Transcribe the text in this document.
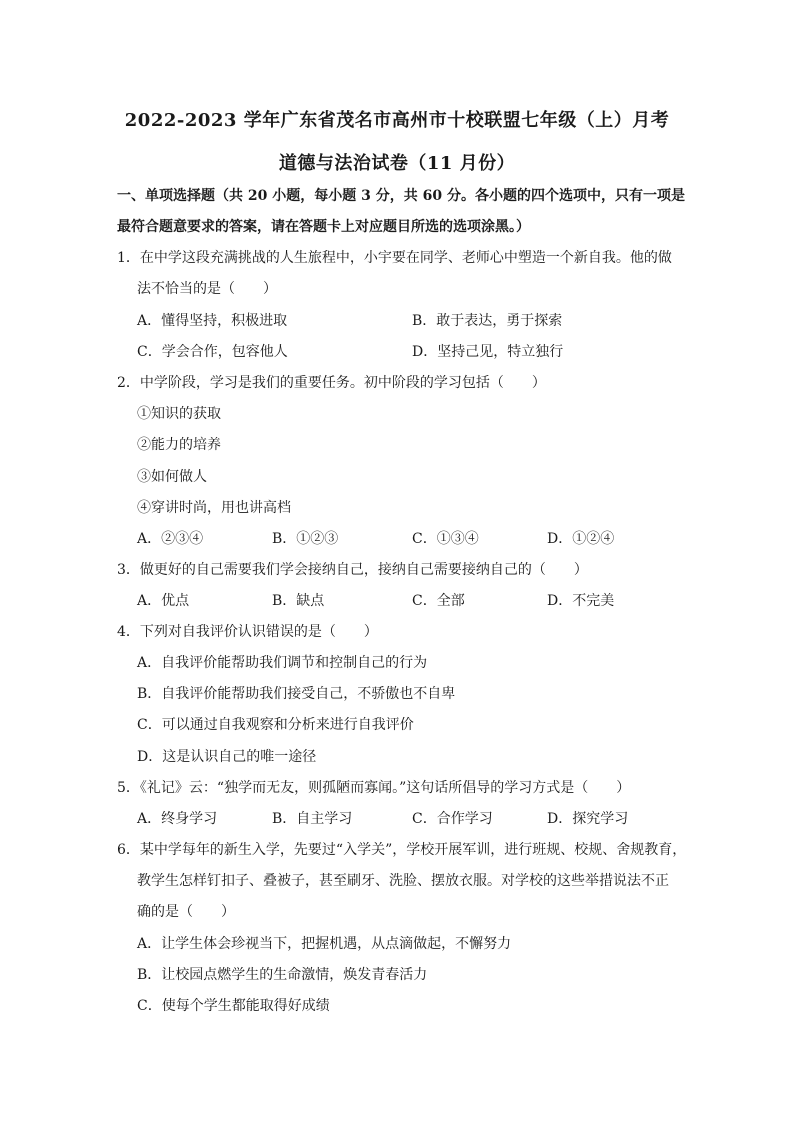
2022-2023 学年广东省茂名市高州市十校联盟七年级（上）月考
道德与法治试卷（11 月份）
一、单项选择题（共 20 小题，每小题 3 分，共 60 分。各小题的四个选项中，只有一项是最符合题意要求的答案，请在答题卡上对应题目所选的选项涂黑。）
1．在中学这段充满挑战的人生旅程中，小宇要在同学、老师心中塑造一个新自我。他的做
法不恰当的是（　　）
A．懂得坚持，积极进取	B．敢于表达，勇于探索
C．学会合作，包容他人	D．坚持己见，特立独行
2．中学阶段，学习是我们的重要任务。初中阶段的学习包括（　　）
①知识的获取
②能力的培养
③如何做人
④穿讲时尚，用也讲高档
A．②③④	B．①②③	C．①③④	D．①②④
3．做更好的自己需要我们学会接纳自己，接纳自己需要接纳自己的（　　）
A．优点	B．缺点	C．全部	D．不完美
4．下列对自我评价认识错误的是（　　）
A．自我评价能帮助我们调节和控制自己的行为
B．自我评价能帮助我们接受自己，不骄傲也不自卑
C．可以通过自我观察和分析来进行自我评价
D．这是认识自己的唯一途径
5．《礼记》云：“独学而无友，则孤陋而寡闻。”这句话所倡导的学习方式是（　　）
A．终身学习	B．自主学习	C．合作学习	D．探究学习
6．某中学每年的新生入学，先要过“入学关”，学校开展军训，进行班规、校规、舍规教育，
教学生怎样钉扣子、叠被子，甚至刷牙、洗脸、摆放衣服。对学校的这些举措说法不正
确的是（　　）
A．让学生体会珍视当下，把握机遇，从点滴做起，不懈努力
B．让校园点燃学生的生命激情，焕发青春活力
C．使每个学生都能取得好成绩
